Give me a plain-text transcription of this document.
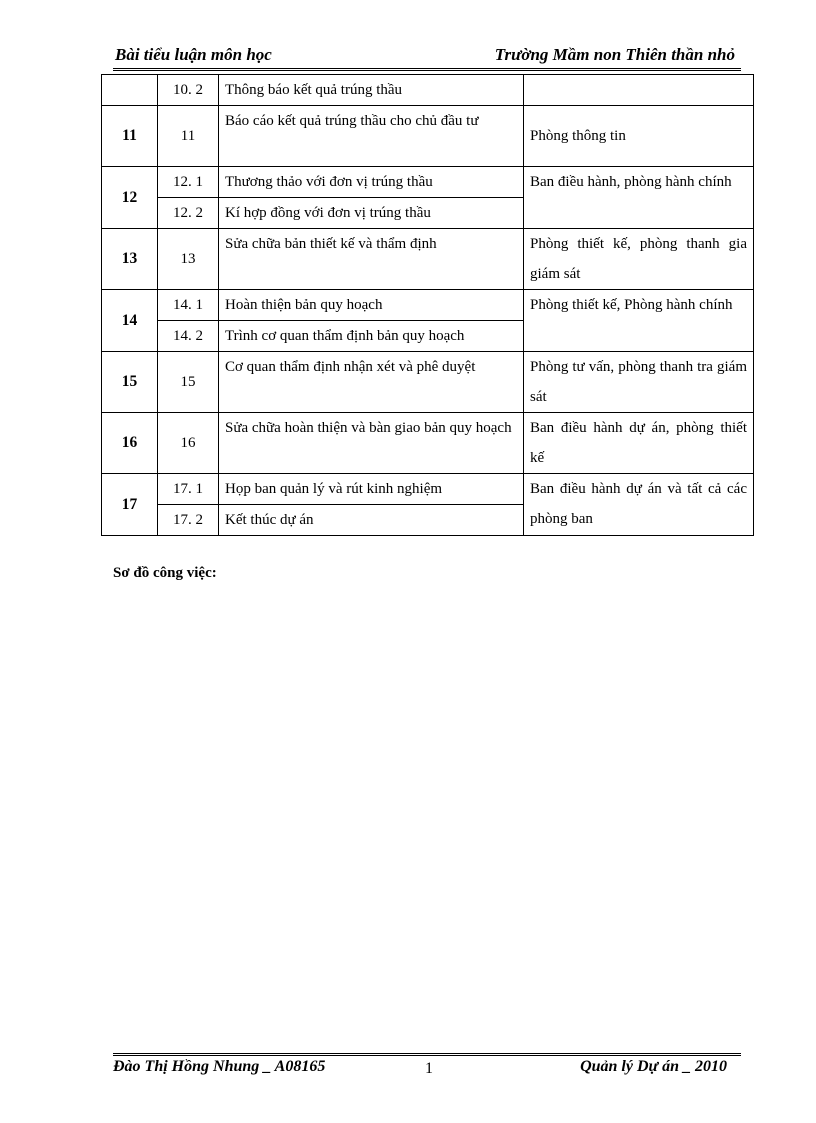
Bài tiểu luận môn học	Trường Mầm non Thiên thần nhỏ
	10. 2	Thông báo kết quả trúng thầu	
11	11	Báo cáo kết quả trúng thầu cho chủ đầu tư	Phòng thông tin
12	12. 1	Thương thảo với đơn vị trúng thầu	Ban điều hành, phòng hành chính
	12. 2	Kí hợp đồng với đơn vị trúng thầu	
13	13	Sửa chữa bản thiết kế và thẩm định	Phòng thiết kế, phòng thanh gia giám sát
14	14. 1	Hoàn thiện bản quy hoạch	Phòng thiết kế, Phòng hành chính
	14. 2	Trình cơ quan thẩm định bản quy hoạch	
15	15	Cơ quan thẩm định nhận xét và phê duyệt	Phòng tư vấn, phòng thanh tra giám sát
16	16	Sửa chữa hoàn thiện và bàn giao bản quy hoạch	Ban điều hành dự án, phòng thiết kế
17	17. 1	Họp ban quản lý và rút kinh nghiệm	Ban điều hành dự án và tất cả các phòng ban
	17. 2	Kết thúc dự án	
Sơ đồ công việc:
Đào Thị Hồng Nhung _ A08165	1	Quản lý Dự án _ 2010
